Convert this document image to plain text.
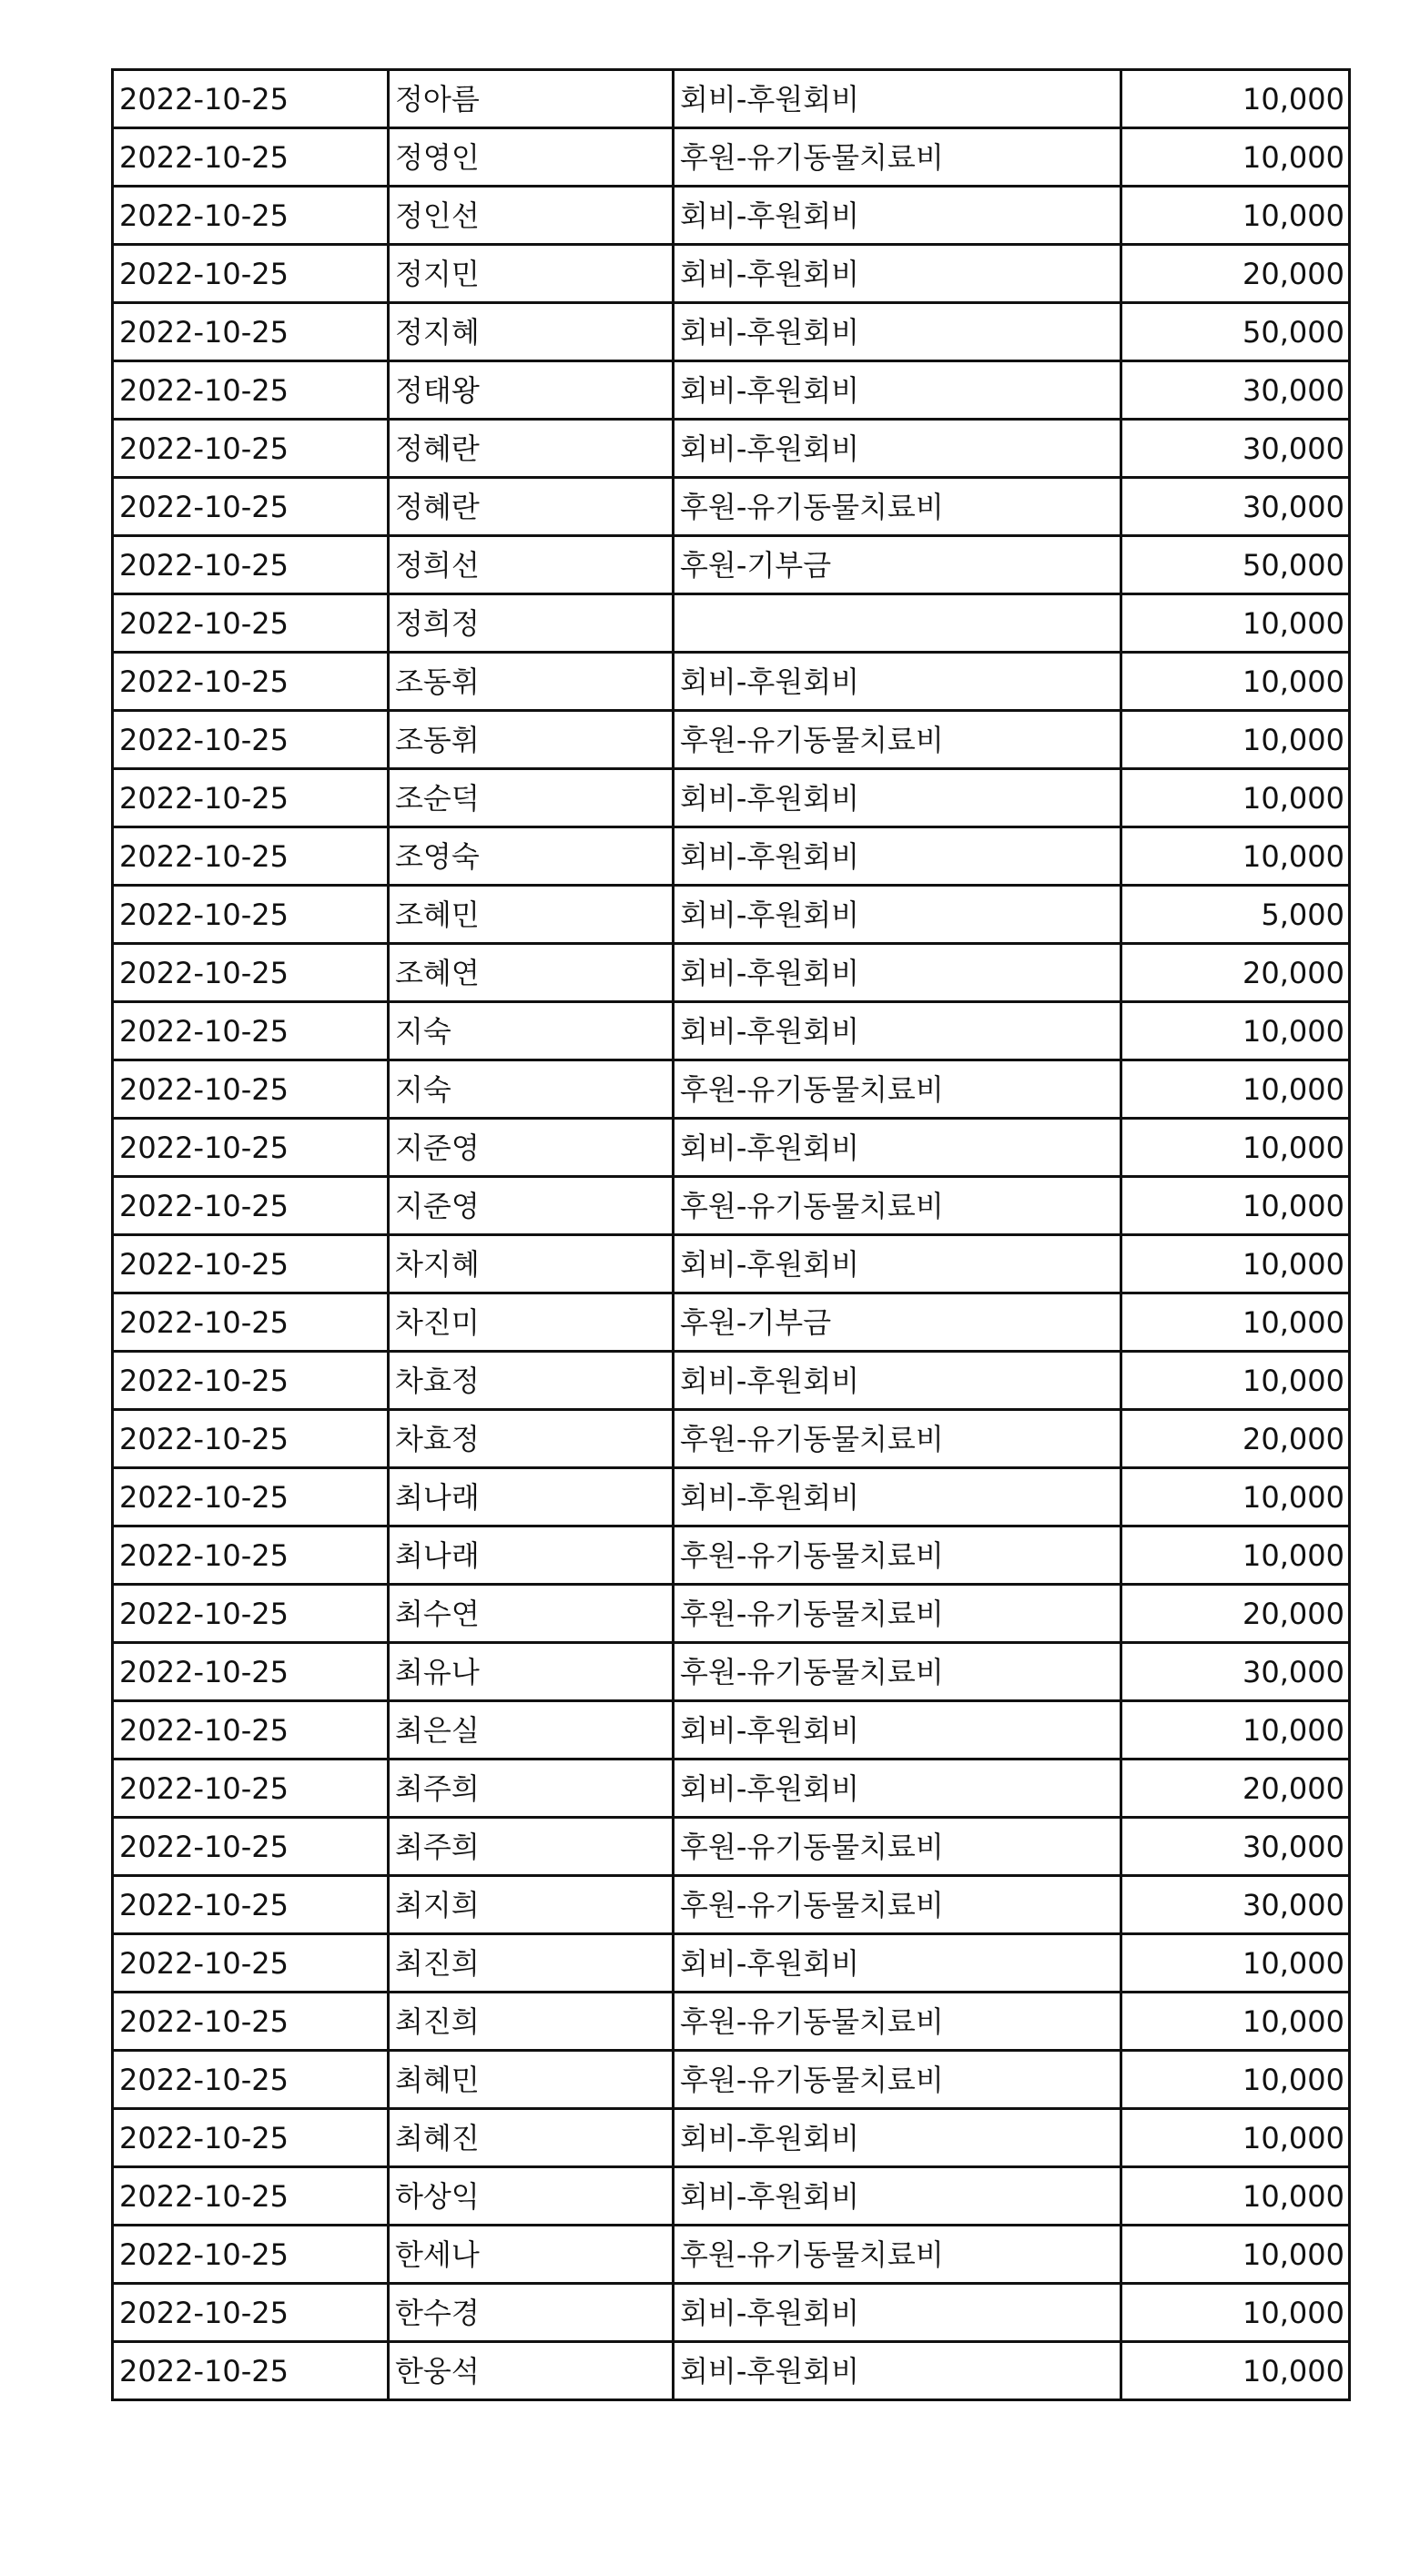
2022-10-25	정아름	회비-후원회비	10,000
2022-10-25	정영인	후원-유기동물치료비	10,000
2022-10-25	정인선	회비-후원회비	10,000
2022-10-25	정지민	회비-후원회비	20,000
2022-10-25	정지혜	회비-후원회비	50,000
2022-10-25	정태왕	회비-후원회비	30,000
2022-10-25	정혜란	회비-후원회비	30,000
2022-10-25	정혜란	후원-유기동물치료비	30,000
2022-10-25	정희선	후원-기부금	50,000
2022-10-25	정희정		10,000
2022-10-25	조동휘	회비-후원회비	10,000
2022-10-25	조동휘	후원-유기동물치료비	10,000
2022-10-25	조순덕	회비-후원회비	10,000
2022-10-25	조영숙	회비-후원회비	10,000
2022-10-25	조혜민	회비-후원회비	5,000
2022-10-25	조혜연	회비-후원회비	20,000
2022-10-25	지숙	회비-후원회비	10,000
2022-10-25	지숙	후원-유기동물치료비	10,000
2022-10-25	지준영	회비-후원회비	10,000
2022-10-25	지준영	후원-유기동물치료비	10,000
2022-10-25	차지혜	회비-후원회비	10,000
2022-10-25	차진미	후원-기부금	10,000
2022-10-25	차효정	회비-후원회비	10,000
2022-10-25	차효정	후원-유기동물치료비	20,000
2022-10-25	최나래	회비-후원회비	10,000
2022-10-25	최나래	후원-유기동물치료비	10,000
2022-10-25	최수연	후원-유기동물치료비	20,000
2022-10-25	최유나	후원-유기동물치료비	30,000
2022-10-25	최은실	회비-후원회비	10,000
2022-10-25	최주희	회비-후원회비	20,000
2022-10-25	최주희	후원-유기동물치료비	30,000
2022-10-25	최지희	후원-유기동물치료비	30,000
2022-10-25	최진희	회비-후원회비	10,000
2022-10-25	최진희	후원-유기동물치료비	10,000
2022-10-25	최혜민	후원-유기동물치료비	10,000
2022-10-25	최혜진	회비-후원회비	10,000
2022-10-25	하상익	회비-후원회비	10,000
2022-10-25	한세나	후원-유기동물치료비	10,000
2022-10-25	한수경	회비-후원회비	10,000
2022-10-25	한웅석	회비-후원회비	10,000
